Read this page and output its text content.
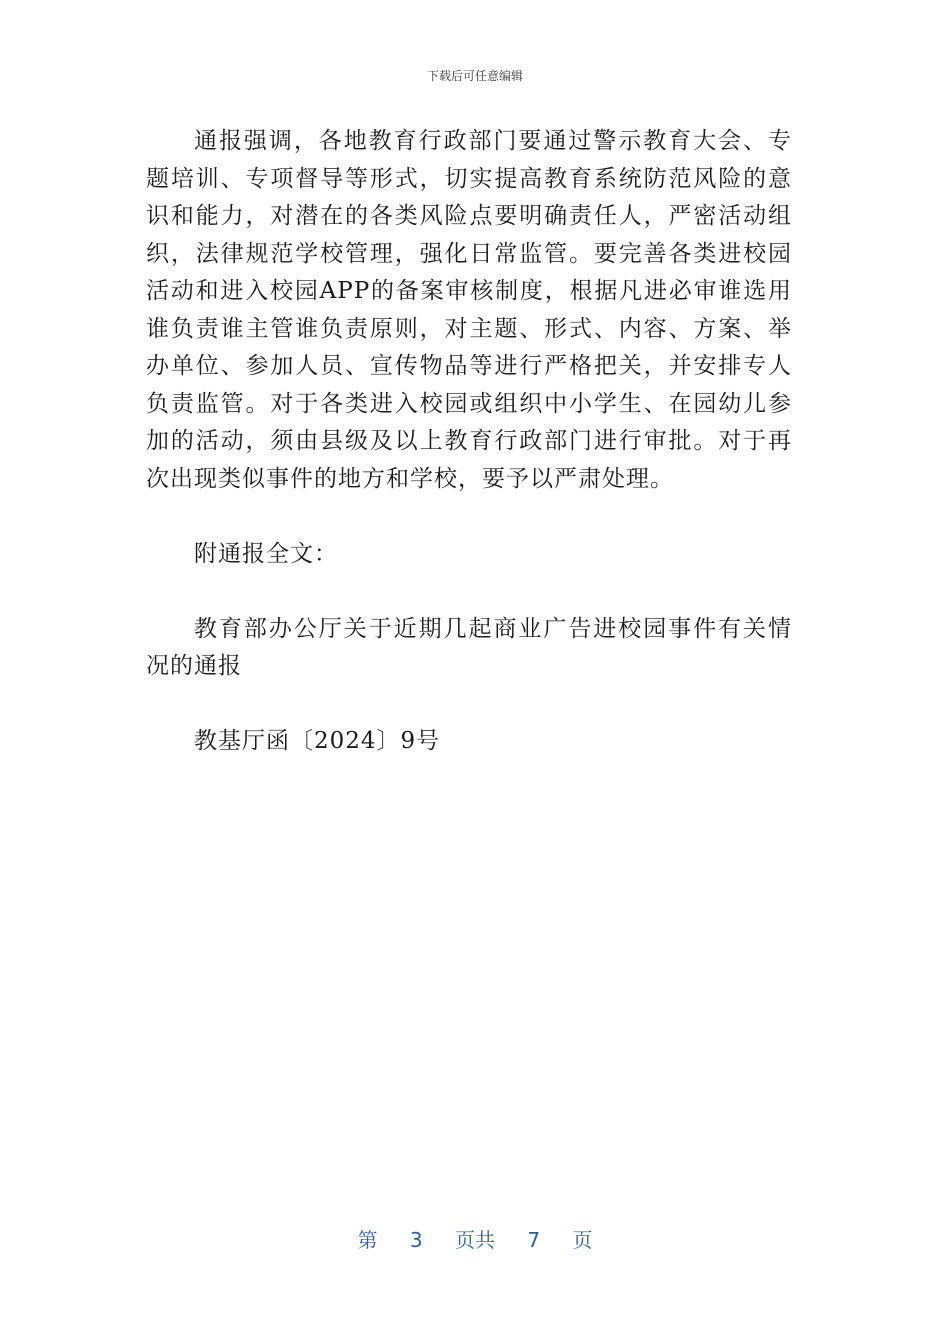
下载后可任意编辑

通报强调，各地教育行政部门要通过警示教育大会、专题培训、专项督导等形式，切实提高教育系统防范风险的意识和能力，对潜在的各类风险点要明确责任人，严密活动组织，法律规范学校管理，强化日常监管。要完善各类进校园活动和进入校园APP的备案审核制度，根据凡进必审谁选用谁负责谁主管谁负责原则，对主题、形式、内容、方案、举办单位、参加人员、宣传物品等进行严格把关，并安排专人负责监管。对于各类进入校园或组织中小学生、在园幼儿参加的活动，须由县级及以上教育行政部门进行审批。对于再次出现类似事件的地方和学校，要予以严肃处理。

附通报全文：

教育部办公厅关于近期几起商业广告进校园事件有关情况的通报

教基厅函〔2024〕9号

第 3 页共 7 页
